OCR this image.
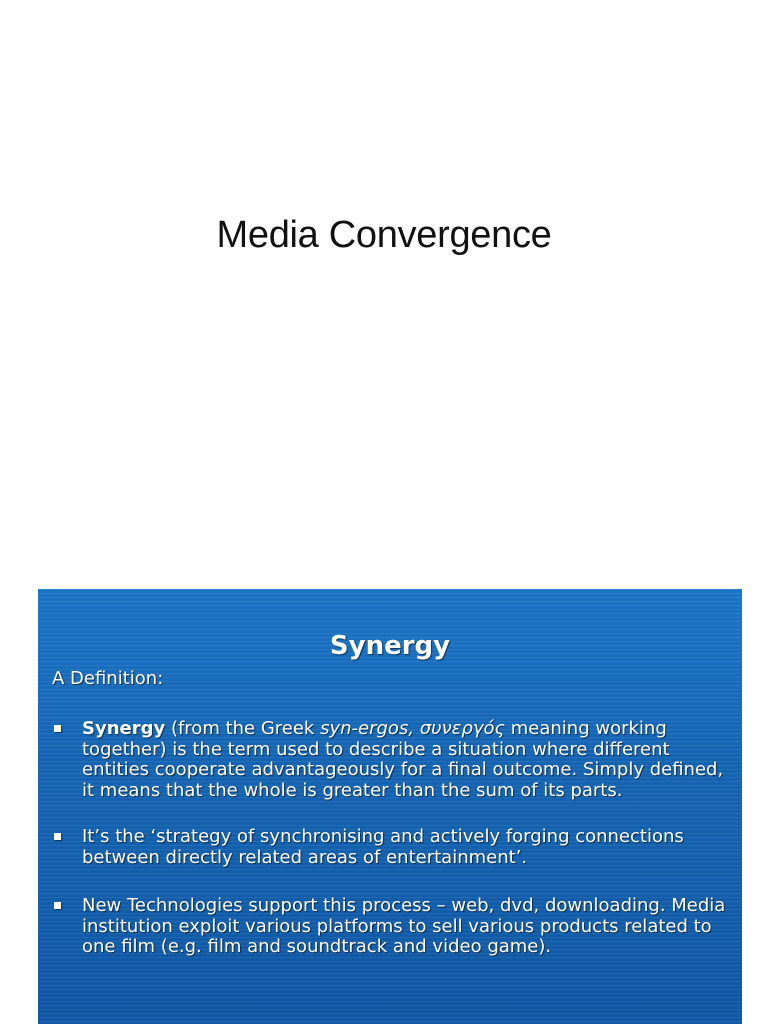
Media Convergence
Synergy
A Definition:
Synergy (from the Greek syn-ergos, συνεργός meaning working together) is the term used to describe a situation where different entities cooperate advantageously for a final outcome. Simply defined, it means that the whole is greater than the sum of its parts.
It’s the ‘strategy of synchronising and actively forging connections between directly related areas of entertainment’.
New Technologies support this process – web, dvd, downloading. Media institution exploit various platforms to sell various products related to one film (e.g. film and soundtrack and video game).
